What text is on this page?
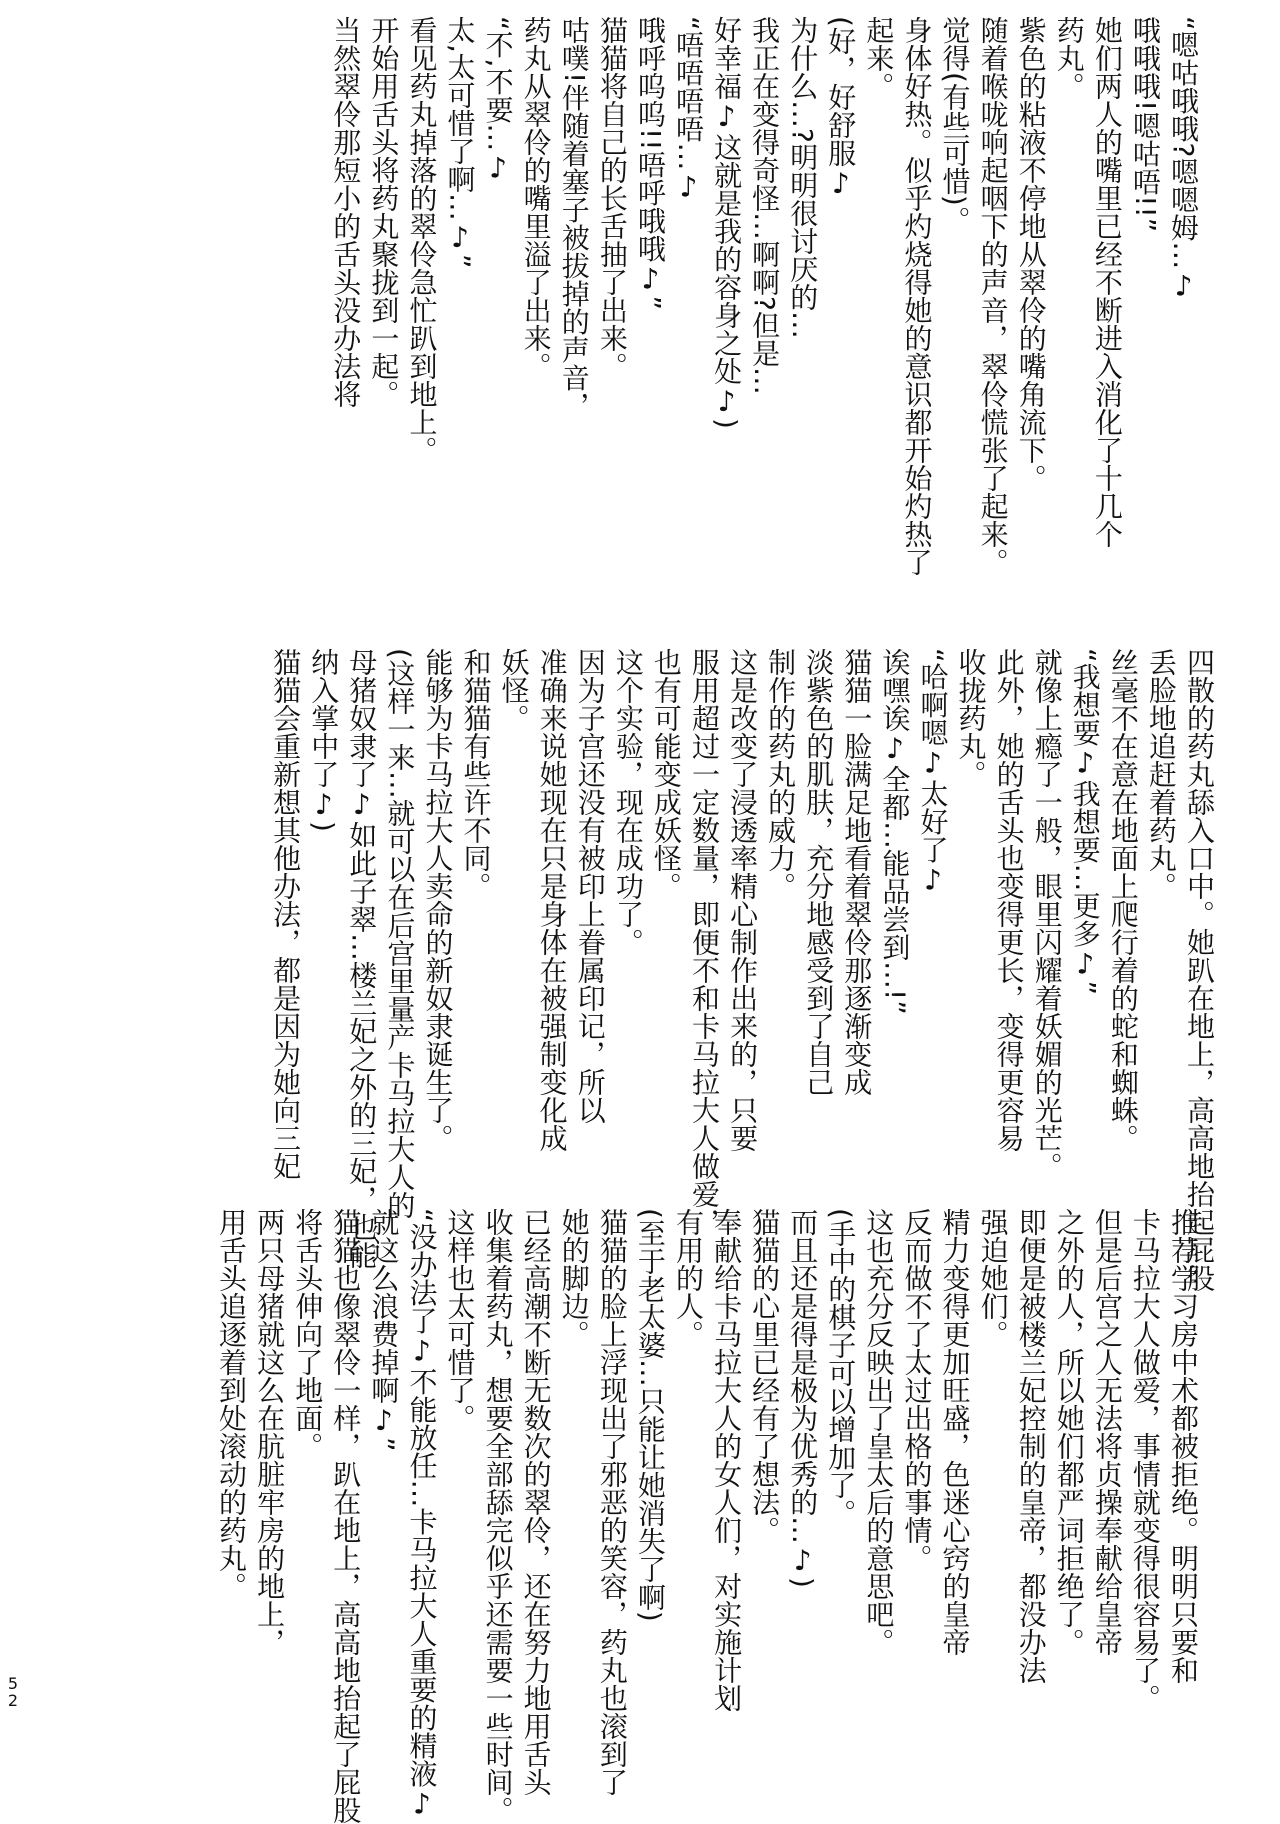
“嗯咕哦哦?嗯嗯姆…♪
哦哦哦!嗯咕唔!!”
她们两人的嘴里已经不断进入消化了十几个
药丸。
紫色的粘液不停地从翠伶的嘴角流下。
随着喉咙响起咽下的声音，翠伶慌张了起来。
觉得(有些可惜)。
身体好热。似乎灼烧得她的意识都开始灼热了
起来。
(好，好舒服♪
为什么…?明明很讨厌的…
我正在变得奇怪…啊啊?但是…
好幸福♪这就是我的容身之处♪)
“唔唔唔唔…♪
哦呼呜呜!!唔呼哦哦♪”
猫猫将自己的长舌抽了出来。
咕噗!伴随着塞子被拔掉的声音，
药丸从翠伶的嘴里溢了出来。
“不,不要…♪
太,太可惜了啊…♪”
看见药丸掉落的翠伶急忙趴到地上。
开始用舌头将药丸聚拢到一起。
当然翠伶那短小的舌头没办法将
四散的药丸舔入口中。她趴在地上，高高地抬起屁股
丢脸地追赶着药丸。
丝毫不在意在地面上爬行着的蛇和蜘蛛。
“我想要♪我想要…更多♪”
就像上瘾了一般，眼里闪耀着妖媚的光芒。
此外，她的舌头也变得更长，变得更容易
收拢药丸。
“哈啊嗯♪太好了♪
诶嘿诶♪全都…能品尝到…!”
猫猫一脸满足地看着翠伶那逐渐变成
淡紫色的肌肤，充分地感受到了自己
制作的药丸的威力。
这是改变了浸透率精心制作出来的，只要
服用超过一定数量，即便不和卡马拉大人做爱，
也有可能变成妖怪。
这个实验，现在成功了。
因为子宫还没有被印上眷属印记，所以
准确来说她现在只是身体在被强制变化成
妖怪。
和猫猫有些许不同。
能够为卡马拉大人卖命的新奴隶诞生了。
(这样一来…就可以在后宫里量产卡马拉大人的
母猪奴隶了♪如此子翠…楼兰妃之外的三妃，也能
纳入掌中了♪)
猫猫会重新想其他办法，都是因为她向三妃
推荐学习房中术都被拒绝。明明只要和
卡马拉大人做爱，事情就变得很容易了。
但是后宫之人无法将贞操奉献给皇帝
之外的人，所以她们都严词拒绝了。
即便是被楼兰妃控制的皇帝，都没办法
强迫她们。
精力变得更加旺盛，色迷心窍的皇帝
反而做不了太过出格的事情。
这也充分反映出了皇太后的意思吧。
(手中的棋子可以增加了。
而且还是得是极为优秀的…♪)
猫猫的心里已经有了想法。
奉献给卡马拉大人的女人们，对实施计划
有用的人。
(至于老太婆…只能让她消失了啊)
猫猫的脸上浮现出了邪恶的笑容，药丸也滚到了
她的脚边。
已经高潮不断无数次的翠伶，还在努力地用舌头
收集着药丸，想要全部舔完似乎还需要一些时间。
这样也太可惜了。
“没办法了♪不能放任…卡马拉大人重要的精液♪
就这么浪费掉啊♪”
猫猫也像翠伶一样，趴在地上，高高地抬起了屁股
将舌头伸向了地面。
两只母猪就这么在肮脏牢房的地上，
用舌头追逐着到处滚动的药丸。
5
2
